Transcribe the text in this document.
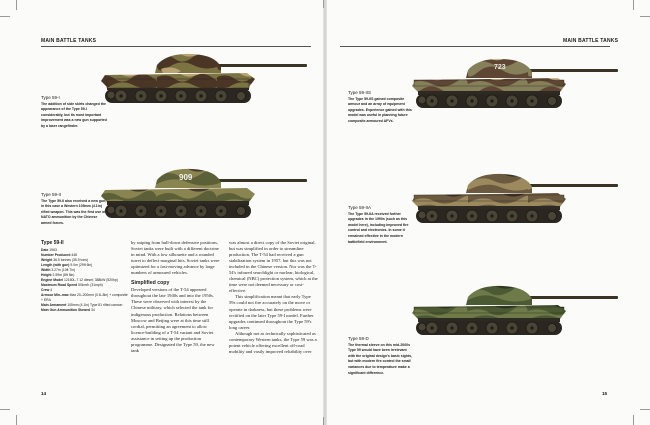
MAIN BATTLE TANKS	MAIN BATTLE TANKS
Type 59-I
The addition of side skirts changed the appearance of the Type 59-I considerably, but its most important improvement was a new gun supported by a laser rangefinder.
909
Type 59-II
The Type 59-II also received a new gun, in this case a Western 105mm (4.1in) rifled weapon. This was the first use of NATO ammunition by the Chinese armed forces.
Type 59-II
Date 1963
Number Produced 448
Weight 36.5 tonnes (35.9 tons)
Length (with gun) 9.0m (29ft 6in)
Width 3.27m (10ft 7in)
Height 2.59m (8ft 5in)
Engine Model 12150L-7 12 diesel; 388kW (520hp)
Maximum Road Speed 50km/h (31mph)
Crew 4
Armour Min–max Max 20–200mm (0.8–8in) + composite + ERA
Main Armament 105mm (4.1in) Type 81 rifled cannon
Main Gun Ammunition Stowed 34

by sniping from hull-down defensive positions, Soviet tanks were built with a different doctrine in mind. With a low silhouette and a rounded turret to deflect marginal hits, Soviet tanks were optimized for a fast-moving advance by large numbers of armoured vehicles.

Simplified copy

Developed versions of the T-54 appeared throughout the late 1940s and into the 1950s. These were observed with interest by the Chinese military, which selected the tank for indigenous production. Relations between Moscow and Beijing were at this time still cordial, permitting an agreement to allow licence-building of a T-54 variant and Soviet assistance in setting up the production programme. Designated the Type 59, the new tank

was almost a direct copy of the Soviet original, but was simplified in order to streamline production. The T-54 had received a gun stabilization system in 1957, but this was not included in the Chinese version. Nor was the T-54's infrared searchlight or nuclear, biological, chemical (NBC) protection system, which at the time were not deemed necessary or cost-effective.

This simplification meant that early Type 59s could not fire accurately on the move or operate in darkness, but these problems were rectified on the later Type 59-I model. Further upgrades continued throughout the Type 59's long career.

Although not as technically sophisticated as contemporary Western tanks, the Type 59 was a potent vehicle offering excellent off-road mobility and vastly improved reliability over

723
Type 59-IIS
The Type 59-IIS gained composite armour and an array of equipment upgrades. Experience gained with this model was useful in planning future composite-armoured AFVs.
Type 59-IIA
The Type 59-IIA received further upgrades in the 1990s (such as this model here), including improved fire control and electronics. In some it remained effective in the modern battlefield environment.
Type 59-D
The thermal sleeve on this mid-2000s Type 59 would have been irrelevant with the original design's basic sights, but with modern fire control the small variances due to temperature make a significant difference.
14	15
